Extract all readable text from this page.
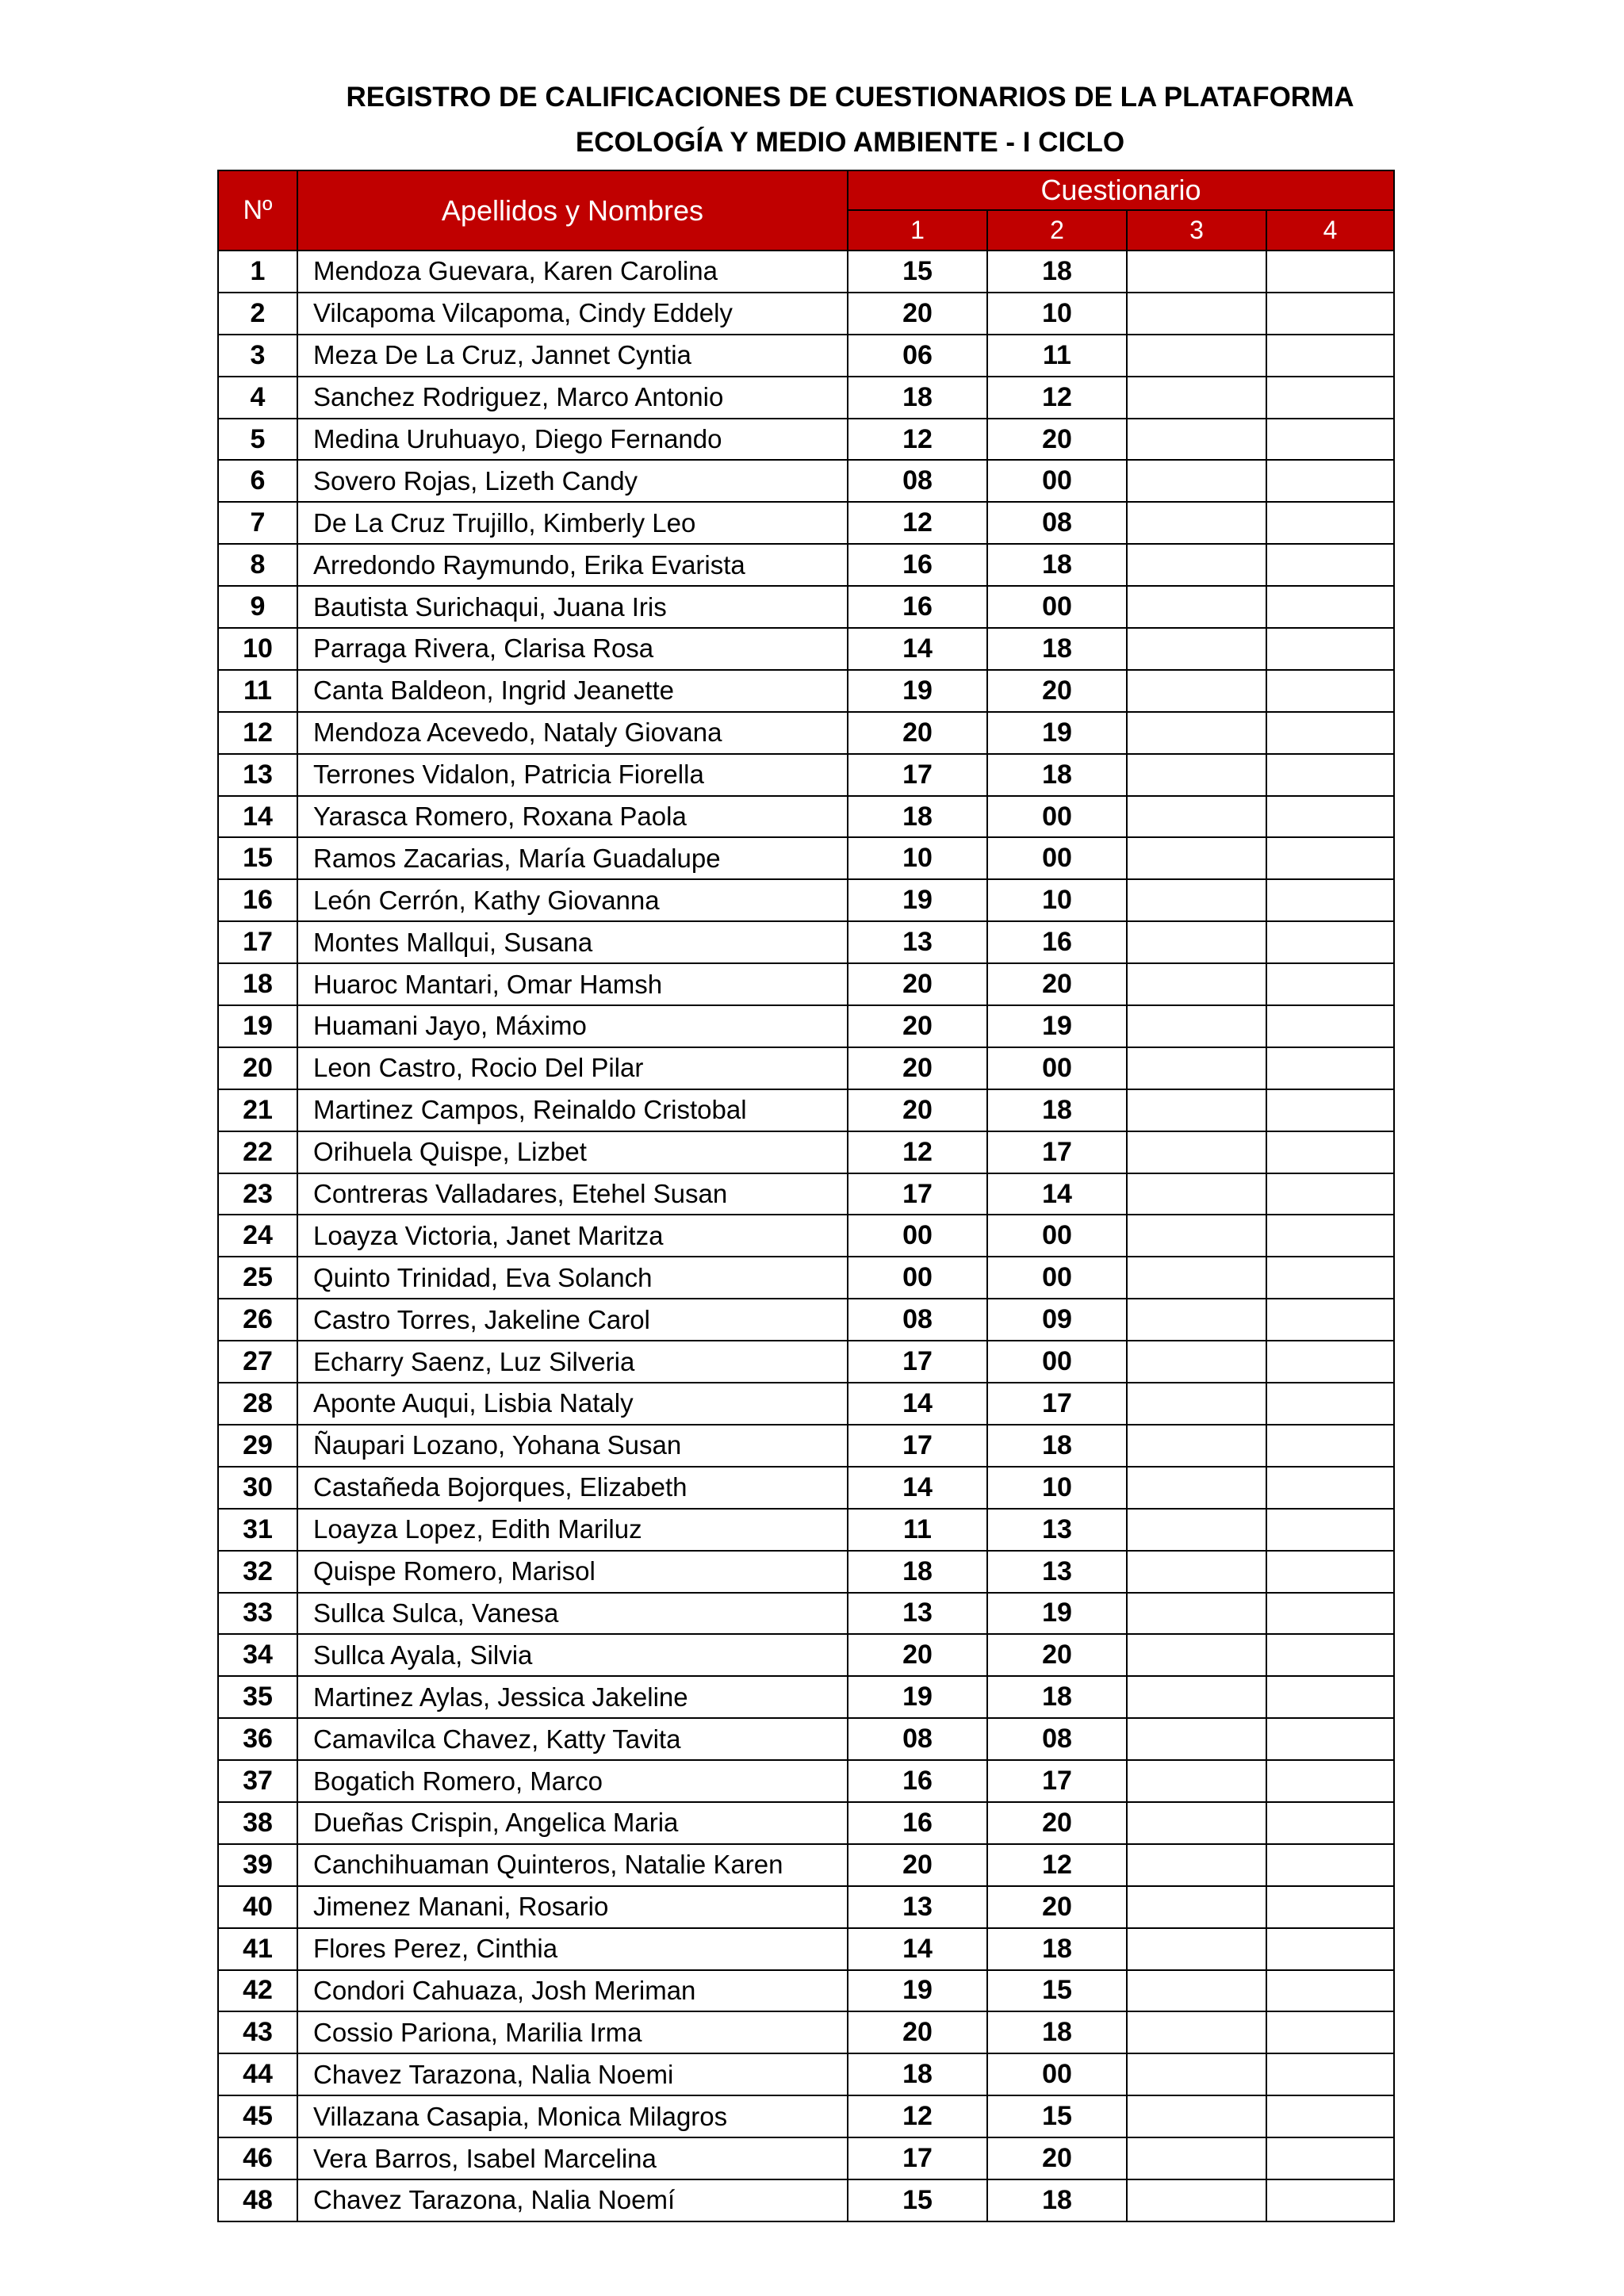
REGISTRO DE CALIFICACIONES DE CUESTIONARIOS DE LA PLATAFORMA
ECOLOGÍA Y MEDIO AMBIENTE - I CICLO
Nº	Apellidos y Nombres	Cuestionario			
		1	2	3	4
1	Mendoza Guevara, Karen Carolina	15	18		
2	Vilcapoma Vilcapoma, Cindy Eddely	20	10		
3	Meza De La Cruz, Jannet Cyntia	06	11		
4	Sanchez Rodriguez, Marco Antonio	18	12		
5	Medina Uruhuayo, Diego Fernando	12	20		
6	Sovero Rojas, Lizeth Candy	08	00		
7	De La Cruz Trujillo, Kimberly Leo	12	08		
8	Arredondo Raymundo, Erika Evarista	16	18		
9	Bautista Surichaqui, Juana Iris	16	00		
10	Parraga Rivera, Clarisa Rosa	14	18		
11	Canta Baldeon, Ingrid Jeanette	19	20		
12	Mendoza Acevedo, Nataly Giovana	20	19		
13	Terrones Vidalon, Patricia Fiorella	17	18		
14	Yarasca Romero, Roxana Paola	18	00		
15	Ramos Zacarias, María Guadalupe	10	00		
16	León Cerrón, Kathy Giovanna	19	10		
17	Montes Mallqui, Susana	13	16		
18	Huaroc Mantari, Omar Hamsh	20	20		
19	Huamani Jayo, Máximo	20	19		
20	Leon Castro, Rocio Del Pilar	20	00		
21	Martinez Campos, Reinaldo Cristobal	20	18		
22	Orihuela Quispe, Lizbet	12	17		
23	Contreras Valladares, Etehel Susan	17	14		
24	Loayza Victoria, Janet Maritza	00	00		
25	Quinto Trinidad, Eva Solanch	00	00		
26	Castro Torres, Jakeline Carol	08	09		
27	Echarry Saenz, Luz Silveria	17	00		
28	Aponte Auqui, Lisbia Nataly	14	17		
29	Ñaupari Lozano, Yohana Susan	17	18		
30	Castañeda Bojorques, Elizabeth	14	10		
31	Loayza Lopez, Edith Mariluz	11	13		
32	Quispe Romero, Marisol	18	13		
33	Sullca Sulca, Vanesa	13	19		
34	Sullca Ayala, Silvia	20	20		
35	Martinez Aylas, Jessica Jakeline	19	18		
36	Camavilca Chavez, Katty Tavita	08	08		
37	Bogatich Romero, Marco	16	17		
38	Dueñas Crispin, Angelica Maria	16	20		
39	Canchihuaman Quinteros, Natalie Karen	20	12		
40	Jimenez Manani, Rosario	13	20		
41	Flores Perez, Cinthia	14	18		
42	Condori Cahuaza, Josh Meriman	19	15		
43	Cossio Pariona, Marilia Irma	20	18		
44	Chavez Tarazona, Nalia Noemi	18	00		
45	Villazana Casapia, Monica Milagros	12	15		
46	Vera Barros, Isabel Marcelina	17	20		
48	Chavez Tarazona, Nalia Noemí	15	18		
